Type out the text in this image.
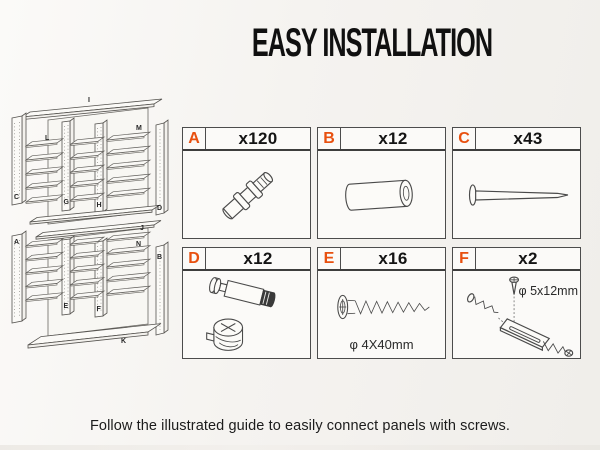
EASY INSTALLATION
I
L
M
C
G	H	D
J
A	N
B
E	F
K
A	x120	B	x12	C	x43
D	x12	E	x16
φ 4X40mm
F	x2
φ 5x12mm
Follow the illustrated guide to easily connect panels with screws.
